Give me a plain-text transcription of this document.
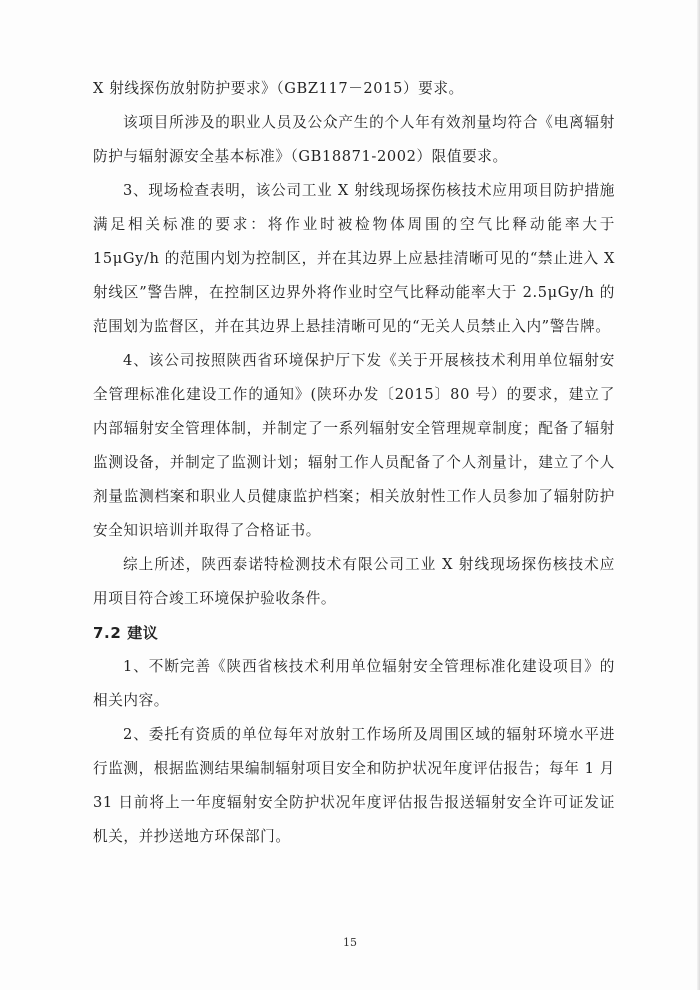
X 射线探伤放射防护要求》（GBZ117－2015）要求。

该项目所涉及的职业人员及公众产生的个人年有效剂量均符合《电离辐射防护与辐射源安全基本标准》（GB18871-2002）限值要求。

3、现场检查表明，该公司工业 X 射线现场探伤核技术应用项目防护措施满足相关标准的要求：将作业时被检物体周围的空气比释动能率大于 15μGy/h 的范围内划为控制区，并在其边界上应悬挂清晰可见的“禁止进入 X 射线区”警告牌，在控制区边界外将作业时空气比释动能率大于 2.5μGy/h 的范围划为监督区，并在其边界上悬挂清晰可见的“无关人员禁止入内”警告牌。

4、该公司按照陕西省环境保护厅下发《关于开展核技术利用单位辐射安全管理标准化建设工作的通知》(陕环办发〔2015〕80 号）的要求，建立了内部辐射安全管理体制，并制定了一系列辐射安全管理规章制度；配备了辐射监测设备，并制定了监测计划；辐射工作人员配备了个人剂量计，建立了个人剂量监测档案和职业人员健康监护档案；相关放射性工作人员参加了辐射防护安全知识培训并取得了合格证书。

综上所述，陕西泰诺特检测技术有限公司工业 X 射线现场探伤核技术应用项目符合竣工环境保护验收条件。

7.2 建议

1、不断完善《陕西省核技术利用单位辐射安全管理标准化建设项目》的相关内容。

2、委托有资质的单位每年对放射工作场所及周围区域的辐射环境水平进行监测，根据监测结果编制辐射项目安全和防护状况年度评估报告；每年 1 月 31 日前将上一年度辐射安全防护状况年度评估报告报送辐射安全许可证发证机关，并抄送地方环保部门。

15
